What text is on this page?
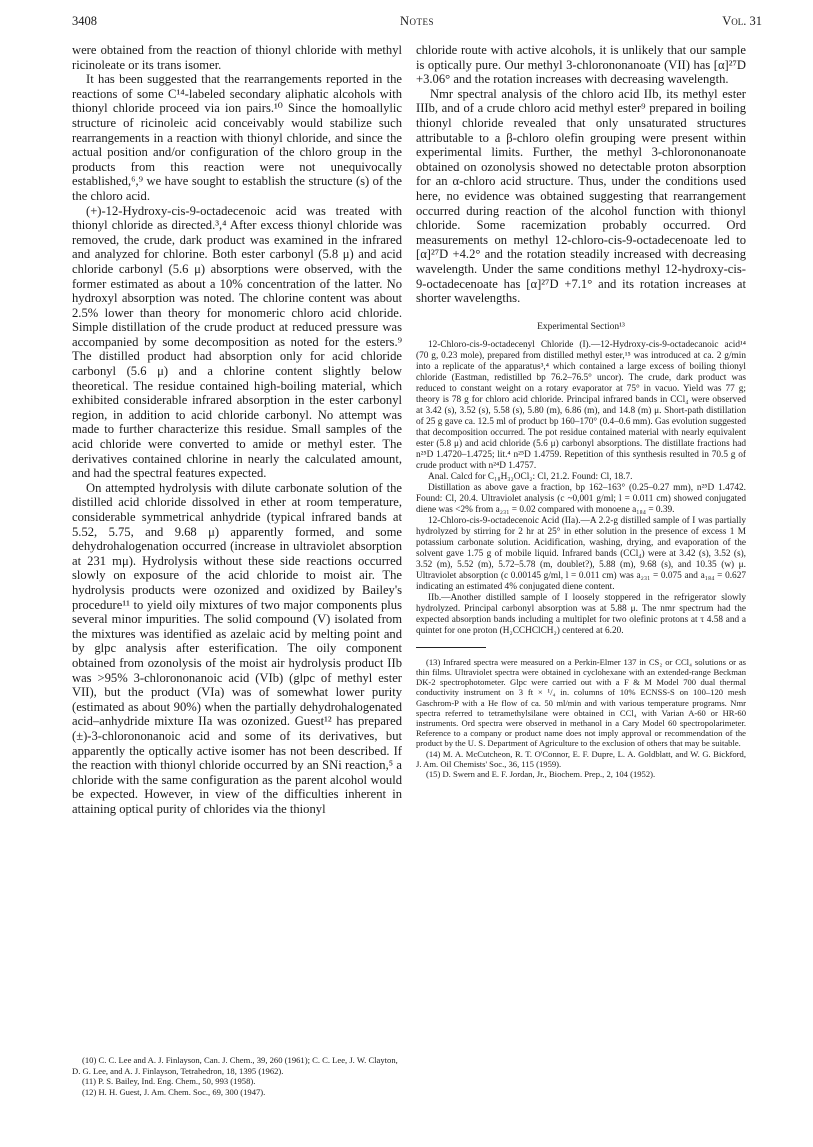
3408	Notes	Vol. 31

were obtained from the reaction of thionyl chloride with methyl ricinoleate or its trans isomer.

It has been suggested that the rearrangements reported in the reactions of some C¹⁴-labeled secondary aliphatic alcohols with thionyl chloride proceed via ion pairs.¹⁰ Since the homoallylic structure of ricinoleic acid conceivably would stabilize such rearrangements in a reaction with thionyl chloride, and since the actual position and/or configuration of the chloro group in the products from this reaction were not unequivocally established,⁶,⁹ we have sought to establish the structure (s) of the the chloro acid.

(+)-12-Hydroxy-cis-9-octadecenoic acid was treated with thionyl chloride as directed.³,⁴ After excess thionyl chloride was removed, the crude, dark product was examined in the infrared and analyzed for chlorine. Both ester carbonyl (5.8 μ) and acid chloride carbonyl (5.6 μ) absorptions were observed, with the former estimated as about a 10% concentration of the latter. No hydroxyl absorption was noted. The chlorine content was about 2.5% lower than theory for monomeric chloro acid chloride. Simple distillation of the crude product at reduced pressure was accompanied by some decomposition as noted for the esters.⁹ The distilled product had absorption only for acid chloride carbonyl (5.6 μ) and a chlorine content slightly below theoretical. The residue contained high-boiling material, which exhibited considerable infrared absorption in the ester carbonyl region, in addition to acid chloride carbonyl. No attempt was made to further characterize this residue. Small samples of the acid chloride were converted to amide or methyl ester. The derivatives contained chlorine in nearly the calculated amount, and had the spectral features expected.

On attempted hydrolysis with dilute carbonate solution of the distilled acid chloride dissolved in ether at room temperature, considerable symmetrical anhydride (typical infrared bands at 5.52, 5.75, and 9.68 μ) apparently formed, and some dehydrohalogenation occurred (increase in ultraviolet absorption at 231 mμ). Hydrolysis without these side reactions occurred slowly on exposure of the acid chloride to moist air. The hydrolysis products were ozonized and oxidized by Bailey's procedure¹¹ to yield oily mixtures of two major components plus several minor impurities. The solid compound (V) isolated from the mixtures was identified as azelaic acid by melting point and by glpc analysis after esterification. The oily component obtained from ozonolysis of the moist air hydrolysis product IIb was >95% 3-chlorononanoic acid (VIb) (glpc of methyl ester VII), but the product (VIa) was of somewhat lower purity (estimated as about 90%) when the partially dehydrohalogenated acid–anhydride mixture IIa was ozonized. Guest¹² has prepared (±)-3-chlorononanoic acid and some of its derivatives, but apparently the optically active isomer has not been described. If the reaction with thionyl chloride occurred by an SNi reaction,⁵ a chloride with the same configuration as the parent alcohol would be expected. However, in view of the difficulties inherent in attaining optical purity of chlorides via the thionyl

(10) C. C. Lee and A. J. Finlayson, Can. J. Chem., 39, 260 (1961); C. C. Lee, J. W. Clayton, D. G. Lee, and A. J. Finlayson, Tetrahedron, 18, 1395 (1962).

(11) P. S. Bailey, Ind. Eng. Chem., 50, 993 (1958).

(12) H. H. Guest, J. Am. Chem. Soc., 69, 300 (1947).

chloride route with active alcohols, it is unlikely that our sample is optically pure. Our methyl 3-chlorononanoate (VII) has [α]²⁷D +3.06° and the rotation increases with decreasing wavelength.

Nmr spectral analysis of the chloro acid IIb, its methyl ester IIIb, and of a crude chloro acid methyl ester⁹ prepared in boiling thionyl chloride revealed that only unsaturated structures attributable to a β-chloro olefin grouping were present within experimental limits. Further, the methyl 3-chlorononanoate obtained on ozonolysis showed no detectable proton absorption for an α-chloro acid structure. Thus, under the conditions used here, no evidence was obtained suggesting that rearrangement occurred during reaction of the alcohol function with thionyl chloride. Some racemization probably occurred. Ord measurements on methyl 12-chloro-cis-9-octadecenoate led to [α]²⁷D +4.2° and the rotation steadily increased with decreasing wavelength. Under the same conditions methyl 12-hydroxy-cis-9-octadecenoate has [α]²⁷D +7.1° and its rotation increases at shorter wavelengths.

Experimental Section¹³

12-Chloro-cis-9-octadecenyl Chloride (I).—12-Hydroxy-cis-9-octadecanoic acid¹⁴ (70 g, 0.23 mole), prepared from distilled methyl ester,¹⁵ was introduced at ca. 2 g/min into a replicate of the apparatus³,⁴ which contained a large excess of boiling thionyl chloride (Eastman, redistilled bp 76.2–76.5° uncor). The crude, dark product was reduced to constant weight on a rotary evaporator at 75° in vacuo. Yield was 77 g; theory is 78 g for chloro acid chloride. Principal infrared bands in CCl₄ were observed at 3.42 (s), 3.52 (s), 5.58 (s), 5.80 (m), 6.86 (m), and 14.8 (m) μ. Short-path distillation of 25 g gave ca. 12.5 ml of product bp 160–170° (0.4–0.6 mm). Gas evolution suggested that decomposition occurred. The pot residue contained material with nearly equivalent ester (5.8 μ) and acid chloride (5.6 μ) carbonyl absorptions. The distillate fractions had n²⁵D 1.4720–1.4725; lit.⁴ n²⁵D 1.4759. Repetition of this synthesis resulted in 70.5 g of crude product with n²⁴D 1.4757.

Anal. Calcd for C₁₈H₃₂OCl₂: Cl, 21.2. Found: Cl, 18.7.

Distillation as above gave a fraction, bp 162–163° (0.25–0.27 mm), n²⁵D 1.4742. Found: Cl, 20.4. Ultraviolet analysis (c ~0,001 g/ml; l = 0.011 cm) showed conjugated diene was <2% from a₂₃₁ = 0.02 compared with monoene a₁₈₄ = 0.39.

12-Chloro-cis-9-octadecenoic Acid (IIa).—A 2.2-g distilled sample of I was partially hydrolyzed by stirring for 2 hr at 25° in ether solution in the presence of excess 1 M potassium carbonate solution. Acidification, washing, drying, and evaporation of the solvent gave 1.75 g of mobile liquid. Infrared bands (CCl₄) were at 3.42 (s), 3.52 (s), 3.52 (m), 5.52 (m), 5.72–5.78 (m, doublet?), 5.88 (m), 9.68 (s), and 10.35 (w) μ. Ultraviolet absorption (c 0.00145 g/ml, l = 0.011 cm) was a₂₃₁ = 0.075 and a₁₈₄ = 0.627 indicating an estimated 4% conjugated diene content.

IIb.—Another distilled sample of I loosely stoppered in the refrigerator slowly hydrolyzed. Principal carbonyl absorption was at 5.88 μ. The nmr spectrum had the expected absorption bands including a multiplet for two olefinic protons at τ 4.58 and a quintet for one proton (H₂CCHClCH₂) centered at 6.20.

(13) Infrared spectra were measured on a Perkin-Elmer 137 in CS₂ or CCl₄ solutions or as thin films. Ultraviolet spectra were obtained in cyclohexane with an extended-range Beckman DK-2 spectrophotometer. Glpc were carried out with a F & M Model 700 dual thermal conductivity instrument on 3 ft × ¹/₄ in. columns of 10% ECNSS-S on 100–120 mesh Gaschrom-P with a He flow of ca. 50 ml/min and with various temperature programs. Nmr spectra referred to tetramethylsilane were obtained in CCl₄ with Varian A-60 or HR-60 instruments. Ord spectra were observed in methanol in a Cary Model 60 spectropolarimeter. Reference to a company or product name does not imply approval or recommendation of the product by the U. S. Department of Agriculture to the exclusion of others that may be suitable.

(14) M. A. McCutcheon, R. T. O'Connor, E. F. Dupre, L. A. Goldblatt, and W. G. Bickford, J. Am. Oil Chemists' Soc., 36, 115 (1959).

(15) D. Swern and E. F. Jordan, Jr., Biochem. Prep., 2, 104 (1952).
